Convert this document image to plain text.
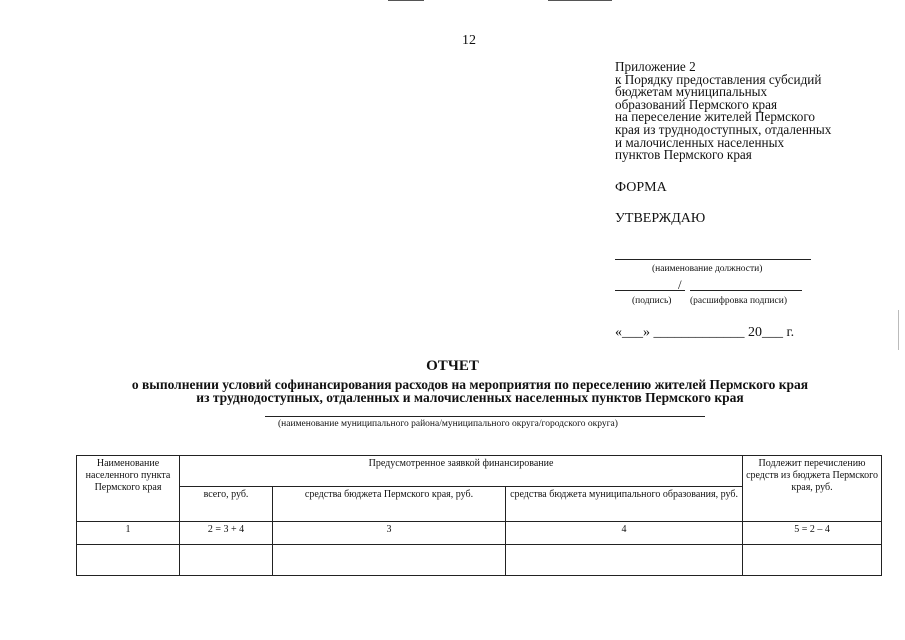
12
Приложение 2
к Порядку предоставления субсидий
бюджетам муниципальных
образований Пермского края
на переселение жителей Пермского
края из труднодоступных, отдаленных
и малочисленных населенных
пунктов Пермского края
ФОРМА
УТВЕРЖДАЮ
(наименование должности)
/
(подпись) (расшифровка подписи)
«___» _____________ 20___ г.
ОТЧЕТ
о выполнении условий софинансирования расходов на мероприятия по переселению жителей Пермского края
из труднодоступных, отдаленных и малочисленных населенных пунктов Пермского края
(наименование муниципального района/муниципального округа/городского округа)
Наименование населенного пункта Пермского края	Предусмотренное заявкой финансирование			Подлежит перечислению средств из бюджета Пермского края, руб.
	всего, руб.	средства бюджета Пермского края, руб.	средства бюджета муниципального образования, руб.	
1	2 = 3 + 4	3	4	5 = 2 – 4
